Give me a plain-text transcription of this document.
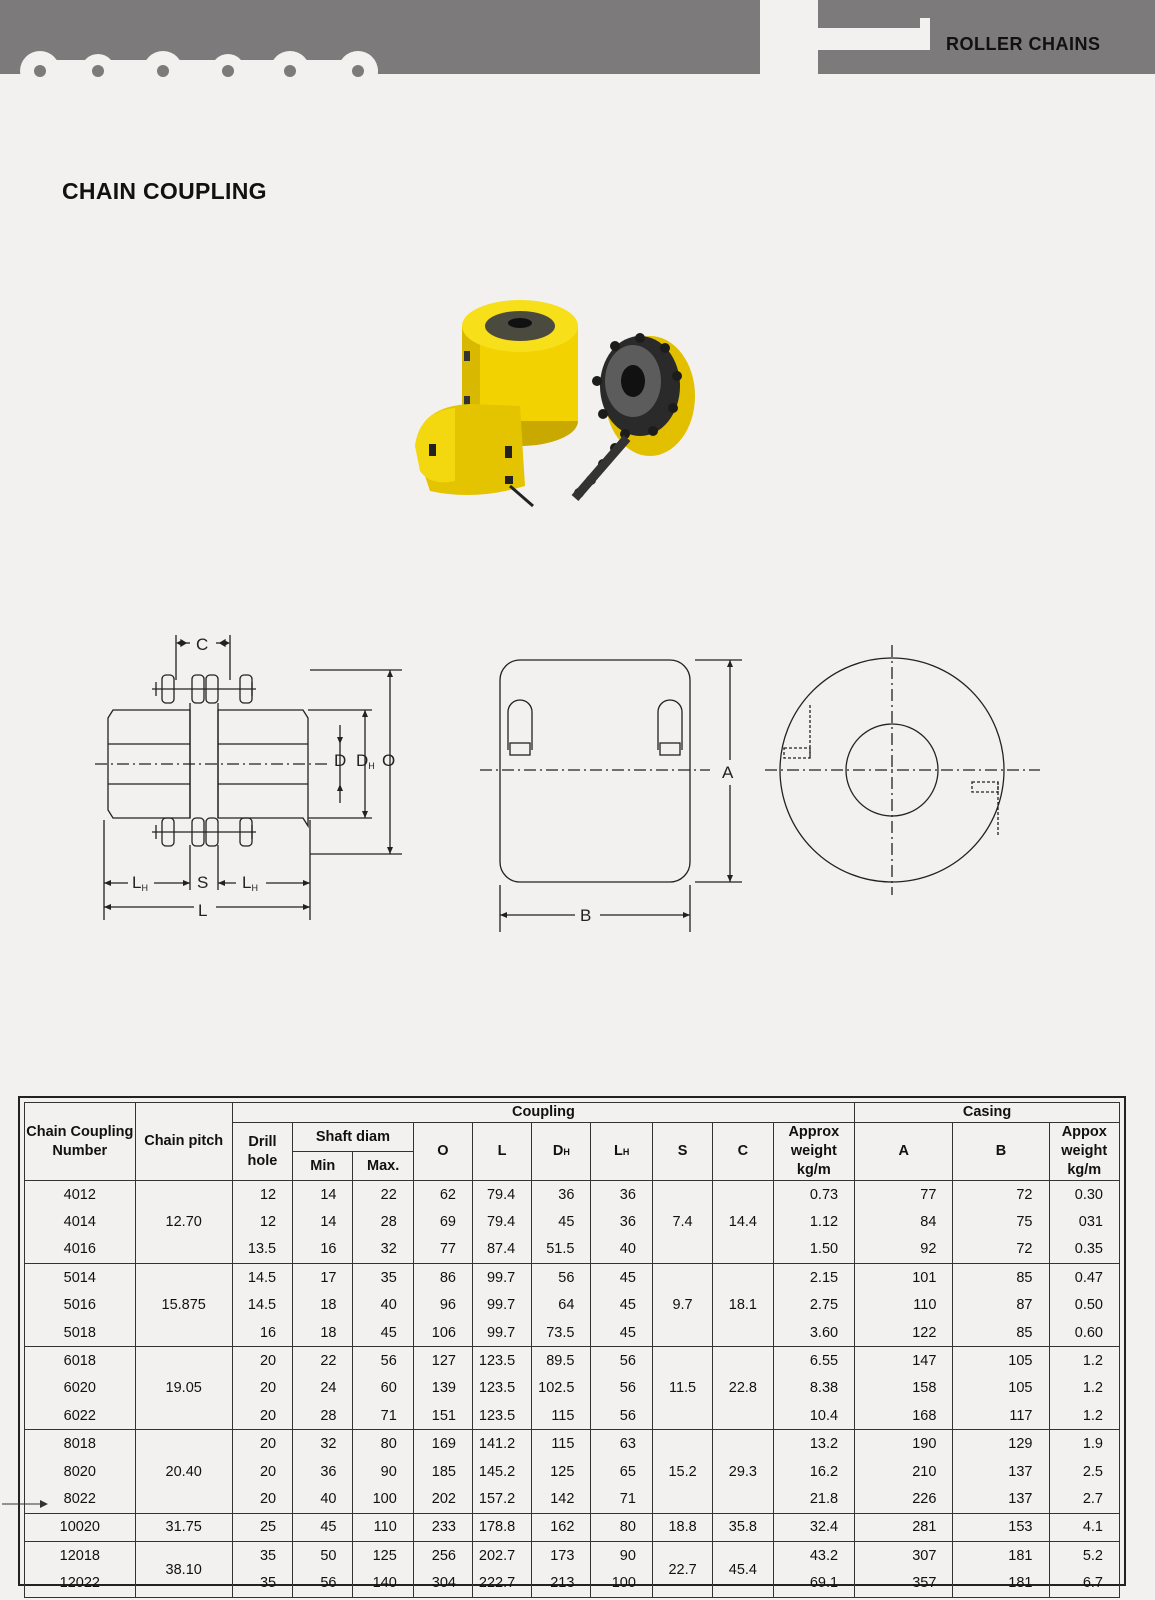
ROLLER CHAINS
CHAIN COUPLING
C
D DH O
LH	S LH
L
A
B
Chain Coupling Number	Chain pitch	Coupling										Casing		
		Drill hole	Shaft diam		O	L	DH	LH	S	C	Approx weight kg/m	A	B	Appox weight kg/m
			Min	Max.										
4012	12.70	12	14	22	62	79.4	36	36	7.4	14.4	0.73	77	72	0.30
4014		12	14	28	69	79.4	45	36			1.12	84	75	031
4016		13.5	16	32	77	87.4	51.5	40			1.50	92	72	0.35
5014	15.875	14.5	17	35	86	99.7	56	45	9.7	18.1	2.15	101	85	0.47
5016		14.5	18	40	96	99.7	64	45			2.75	110	87	0.50
5018		16	18	45	106	99.7	73.5	45			3.60	122	85	0.60
6018	19.05	20	22	56	127	123.5	89.5	56	11.5	22.8	6.55	147	105	1.2
6020		20	24	60	139	123.5	102.5	56			8.38	158	105	1.2
6022		20	28	71	151	123.5	115	56			10.4	168	117	1.2
8018	20.40	20	32	80	169	141.2	115	63	15.2	29.3	13.2	190	129	1.9
8020		20	36	90	185	145.2	125	65			16.2	210	137	2.5
8022		20	40	100	202	157.2	142	71			21.8	226	137	2.7
10020	31.75	25	45	110	233	178.8	162	80	18.8	35.8	32.4	281	153	4.1
12018	38.10	35	50	125	256	202.7	173	90	22.7	45.4	43.2	307	181	5.2
12022		35	56	140	304	222.7	213	100			69.1	357	181	6.7
